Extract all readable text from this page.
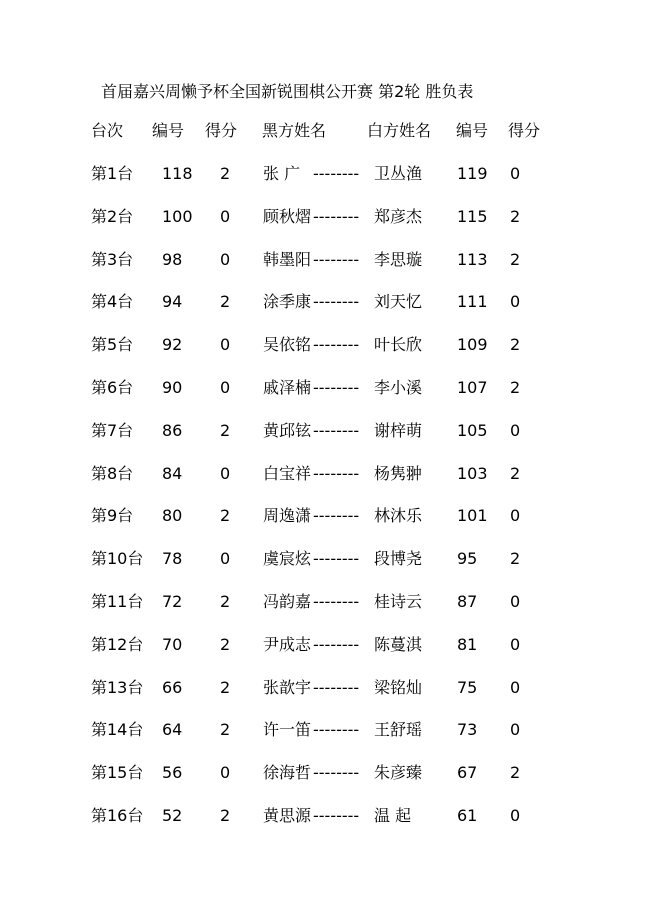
首届嘉兴周懒予杯全国新锐围棋公开赛 第2轮 胜负表
台次 编号 得分 黑方姓名	白方姓名 编号 得分
第1台 118 2 张 广 -------- 卫丛渔 119 0
第2台 100 0 顾秋熠 -------- 郑彦杰 115 2
第3台 98 0 韩墨阳 -------- 李思璇 113 2
第4台 94 2 涂季康 -------- 刘天忆 111 0
第5台 92 0 吴依铭 -------- 叶长欣 109 2
第6台 90 0 戚泽楠 -------- 李小溪 107 2
第7台 86 2 黄邱铉 -------- 谢梓萌 105 0
第8台 84 0 白宝祥 -------- 杨隽翀 103 2
第9台 80 2 周逸潇 -------- 林沐乐 101 0
第10台 78 0 虞宸炫 -------- 段博尧 95 2
第11台 72 2 冯韵嘉 -------- 桂诗云 87 0
第12台 70 2 尹成志 -------- 陈蔓淇 81 0
第13台 66 2 张歆宇 -------- 梁铭灿 75 0
第14台 64 2 许一笛 -------- 王舒瑶 73 0
第15台 56 0 徐海哲 -------- 朱彦臻 67 2
第16台 52 2 黄思源 -------- 温 起	61 0
